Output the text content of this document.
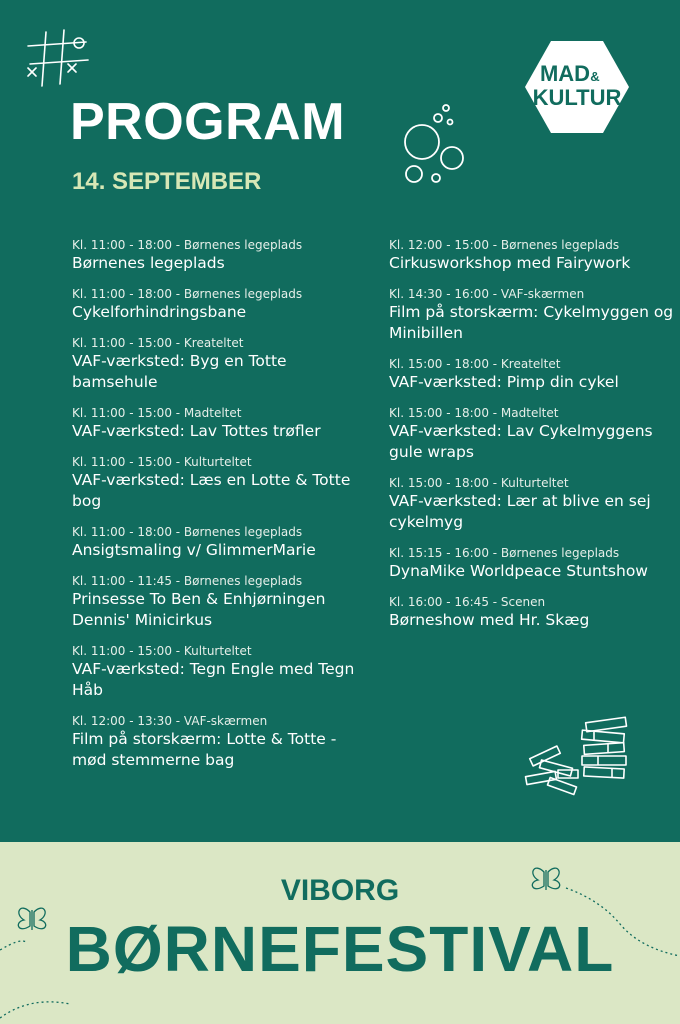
PROGRAM
14. SEPTEMBER
MAD &
KULTUR
Kl. 11:00 - 18:00 - Børnenes legeplads
Børnenes legeplads
Kl. 11:00 - 18:00 - Børnenes legeplads
Cykelforhindringsbane
Kl. 11:00 - 15:00 - Kreateltet
VAF-værksted: Byg en Totte bamsehule
Kl. 11:00 - 15:00 - Madteltet
VAF-værksted: Lav Tottes trøfler
Kl. 11:00 - 15:00 - Kulturteltet
VAF-værksted: Læs en Lotte & Totte bog
Kl. 11:00 - 18:00 - Børnenes legeplads
Ansigtsmaling v/ GlimmerMarie
Kl. 11:00 - 11:45 - Børnenes legeplads
Prinsesse To Ben & Enhjørningen Dennis' Minicirkus
Kl. 11:00 - 15:00 - Kulturteltet
VAF-værksted: Tegn Engle med Tegn Håb
Kl. 12:00 - 13:30 - VAF-skærmen
Film på storskærm: Lotte & Totte - mød stemmerne bag
Kl. 12:00 - 15:00 - Børnenes legeplads
Cirkusworkshop med Fairywork
Kl. 14:30 - 16:00 - VAF-skærmen
Film på storskærm: Cykelmyggen og Minibillen
Kl. 15:00 - 18:00 - Kreateltet
VAF-værksted: Pimp din cykel
Kl. 15:00 - 18:00 - Madteltet
VAF-værksted: Lav Cykelmyggens gule wraps
Kl. 15:00 - 18:00 - Kulturteltet
VAF-værksted: Lær at blive en sej cykelmyg
Kl. 15:15 - 16:00 - Børnenes legeplads
DynaMike Worldpeace Stuntshow
Kl. 16:00 - 16:45 - Scenen
Børneshow med Hr. Skæg
VIBORG
BØRNEFESTIVAL
